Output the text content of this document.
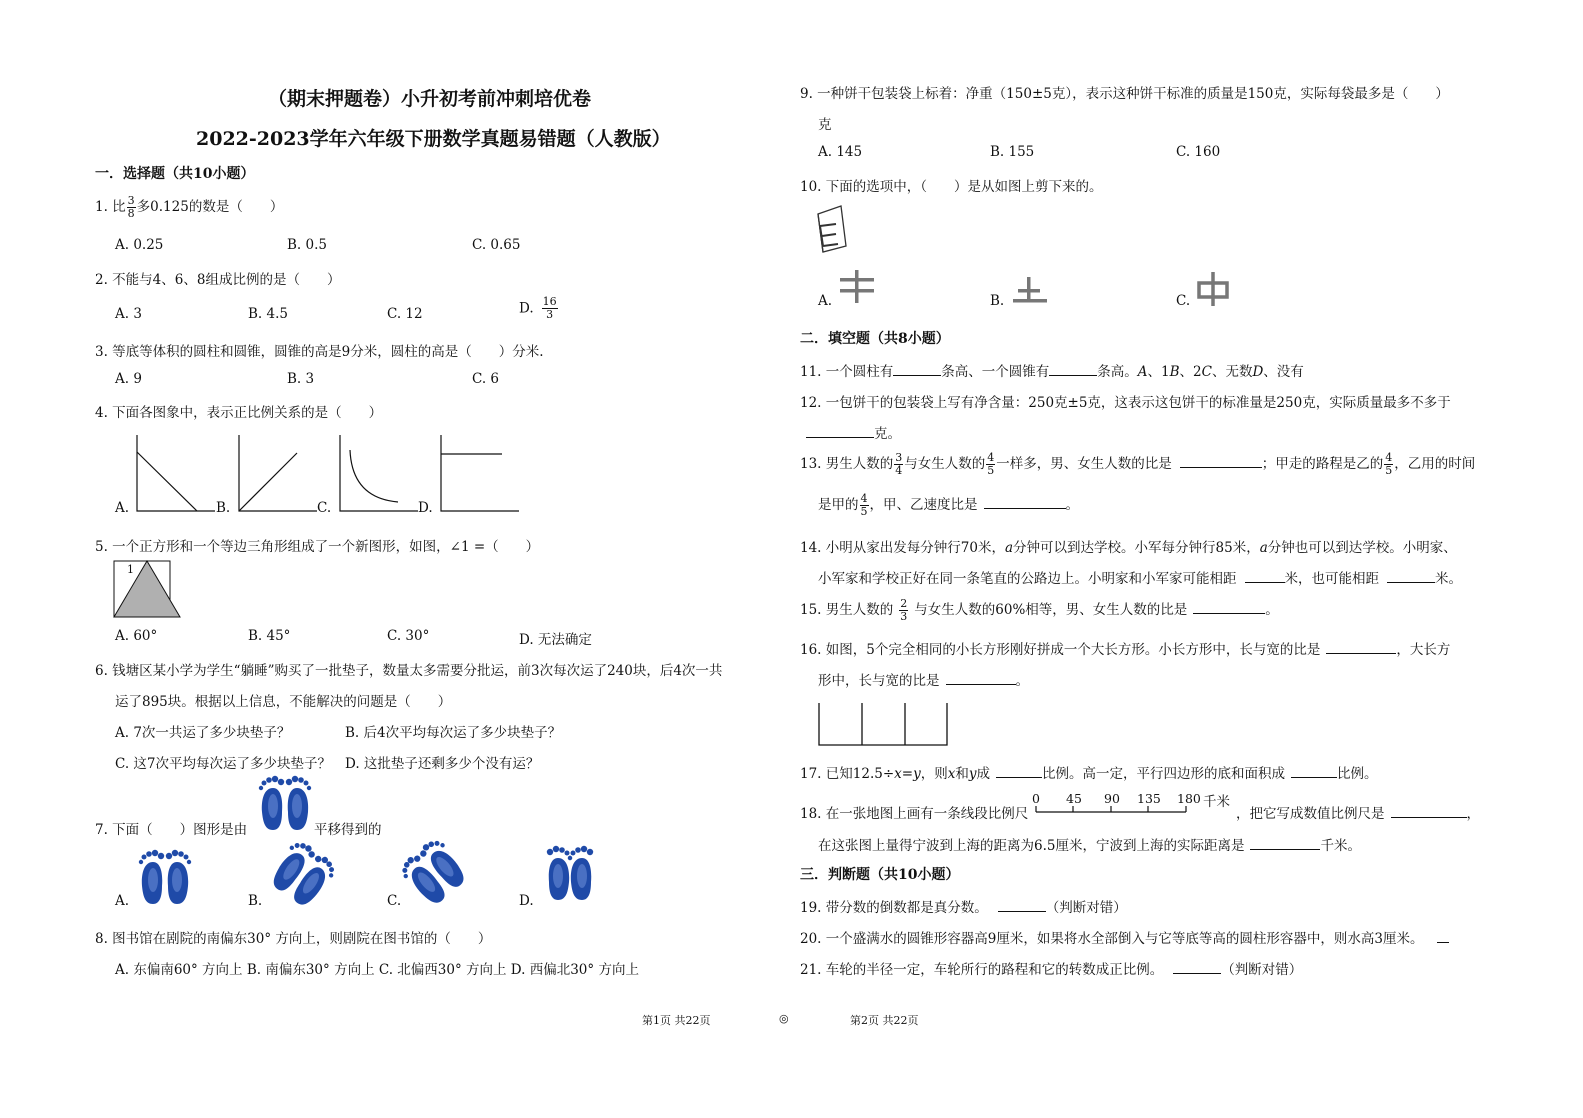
（期末押题卷）小升初考前冲刺培优卷
2022-2023学年六年级下册数学真题易错题（人教版）
一．选择题（共10小题）
1. 比 $\frac{3}{8}$ 多0.125的数是（　　）
A. 0.25	B. 0.5	C. 0.65
2. 不能与4、6、8组成比例的是（　　）
A. 3	B. 4.5	C. 12	D. $\frac{16}{3}$
3. 等底等体积的圆柱和圆锥，圆锥的高是9分米，圆柱的高是（　　）分米.
A. 9	B. 3	C. 6
4. 下面各图象中，表示正比例关系的是（　　）
A.	B.	C.	D.
5. 一个正方形和一个等边三角形组成了一个新图形，如图，∠1 =（　　）
1
A. 60°	B. 45°	C. 30°	D. 无法确定
6. 钱塘区某小学为学生“躺睡”购买了一批垫子，数量太多需要分批运，前3次每次运了240块，后4次一共
运了895块。根据以上信息，不能解决的问题是（　　）
A. 7次一共运了多少块垫子？	B. 后4次平均每次运了多少块垫子？
C. 这7次平均每次运了多少块垫子？ D. 这批垫子还剩多少个没有运？
7. 下面（　　）图形是由	平移得到的
A.	B.	C.	D.
8. 图书馆在剧院的南偏东30° 方向上，则剧院在图书馆的（　　）
A. 东偏南60° 方向上 B. 南偏东30° 方向上 C. 北偏西30° 方向上 D. 西偏北30° 方向上
9. 一种饼干包装袋上标着：净重（150±5克），表示这种饼干标准的质量是150克，实际每袋最多是（　　）
克
A. 145	B. 155	C. 160
10. 下面的选项中，（　　）是从如图上剪下来的。
A.	B.	C.
二．填空题（共8小题）
11. 一个圆柱有	条高、一个圆锥有	条高。A、1B、2C、无数D、没有
12. 一包饼干的包装袋上写有净含量：250克±5克，这表示这包饼干的标准量是250克，实际质量最多不多于
克。
13. 男生人数的 $\frac{3}{4}$ 与女生人数的 $\frac{4}{5}$ 一样多，男、女生人数的比是	；甲走的路程是乙的 $\frac{4}{5}$ ，乙用的时间
是甲的 $\frac{4}{5}$ ，甲、乙速度比是	。
14. 小明从家出发每分钟行70米，a分钟可以到达学校。小军每分钟行85米，a分钟也可以到达学校。小明家、
小军家和学校正好在同一条笔直的公路边上。小明家和小军家可能相距	米，也可能相距	米。
15. 男生人数的 $\frac{2}{3}$ 与女生人数的60%相等，男、女生人数的比是	。
16. 如图，5个完全相同的小长方形刚好拼成一个大长方形。小长方形中，长与宽的比是	，大长方
形中，长与宽的比是	。
17. 已知12.5÷x=y，则x和y成	比例。高一定，平行四边形的底和面积成	比例。
18. 在一张地图上画有一条线段比例尺
0 45 90 135 180 千米
，把它写成数值比例尺是	，
在这张图上量得宁波到上海的距离为6.5厘米，宁波到上海的实际距离是	千米。
三．判断题（共10小题）
19. 带分数的倒数都是真分数。	（判断对错）
20. 一个盛满水的圆锥形容器高9厘米，如果将水全部倒入与它等底等高的圆柱形容器中，则水高3厘米。
21. 车轮的半径一定，车轮所行的路程和它的转数成正比例。	（判断对错）
第1页 共22页	◎	第2页 共22页
